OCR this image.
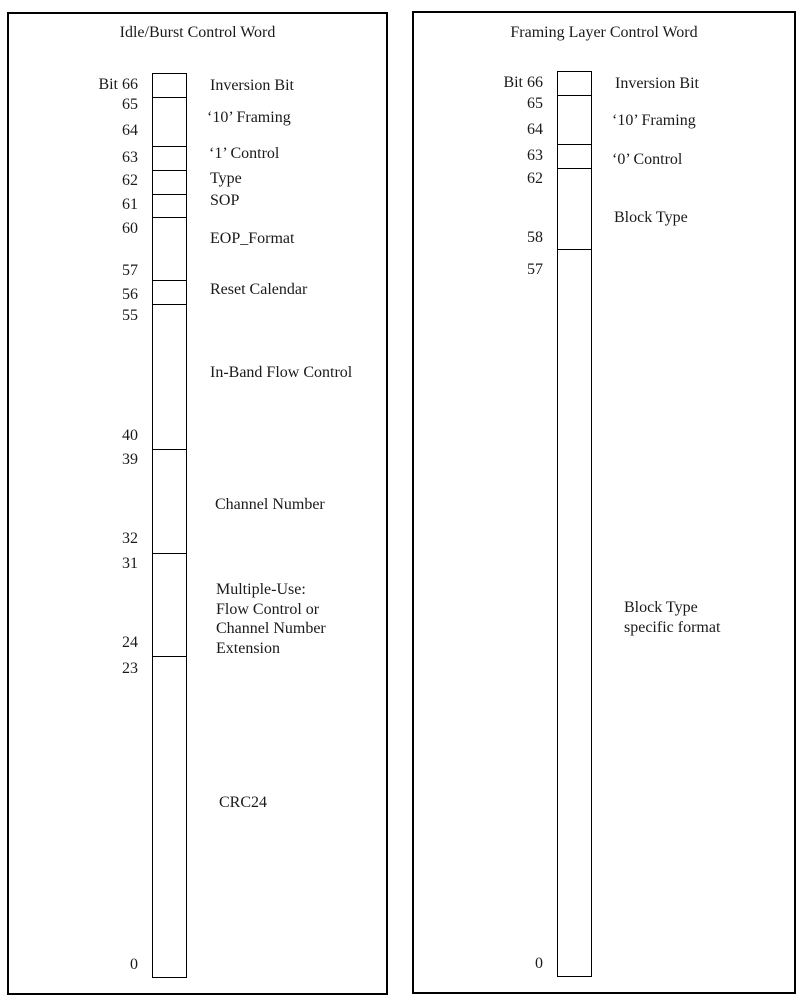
Idle/Burst Control Word
Bit 66
65
64
63
62
61
60
57
56
55
40
39
32
31
24
23
0
Inversion Bit
‘10’ Framing
‘1’ Control
Type
SOP
EOP_Format
Reset Calendar
In-Band Flow Control
Channel Number
Multiple-Use:
Flow Control or
Channel Number
Extension
CRC24
Framing Layer Control Word
Bit 66
65
64
63
62
58
57
0
Inversion Bit
‘10’ Framing
‘0’ Control
Block Type
Block Type
specific format
